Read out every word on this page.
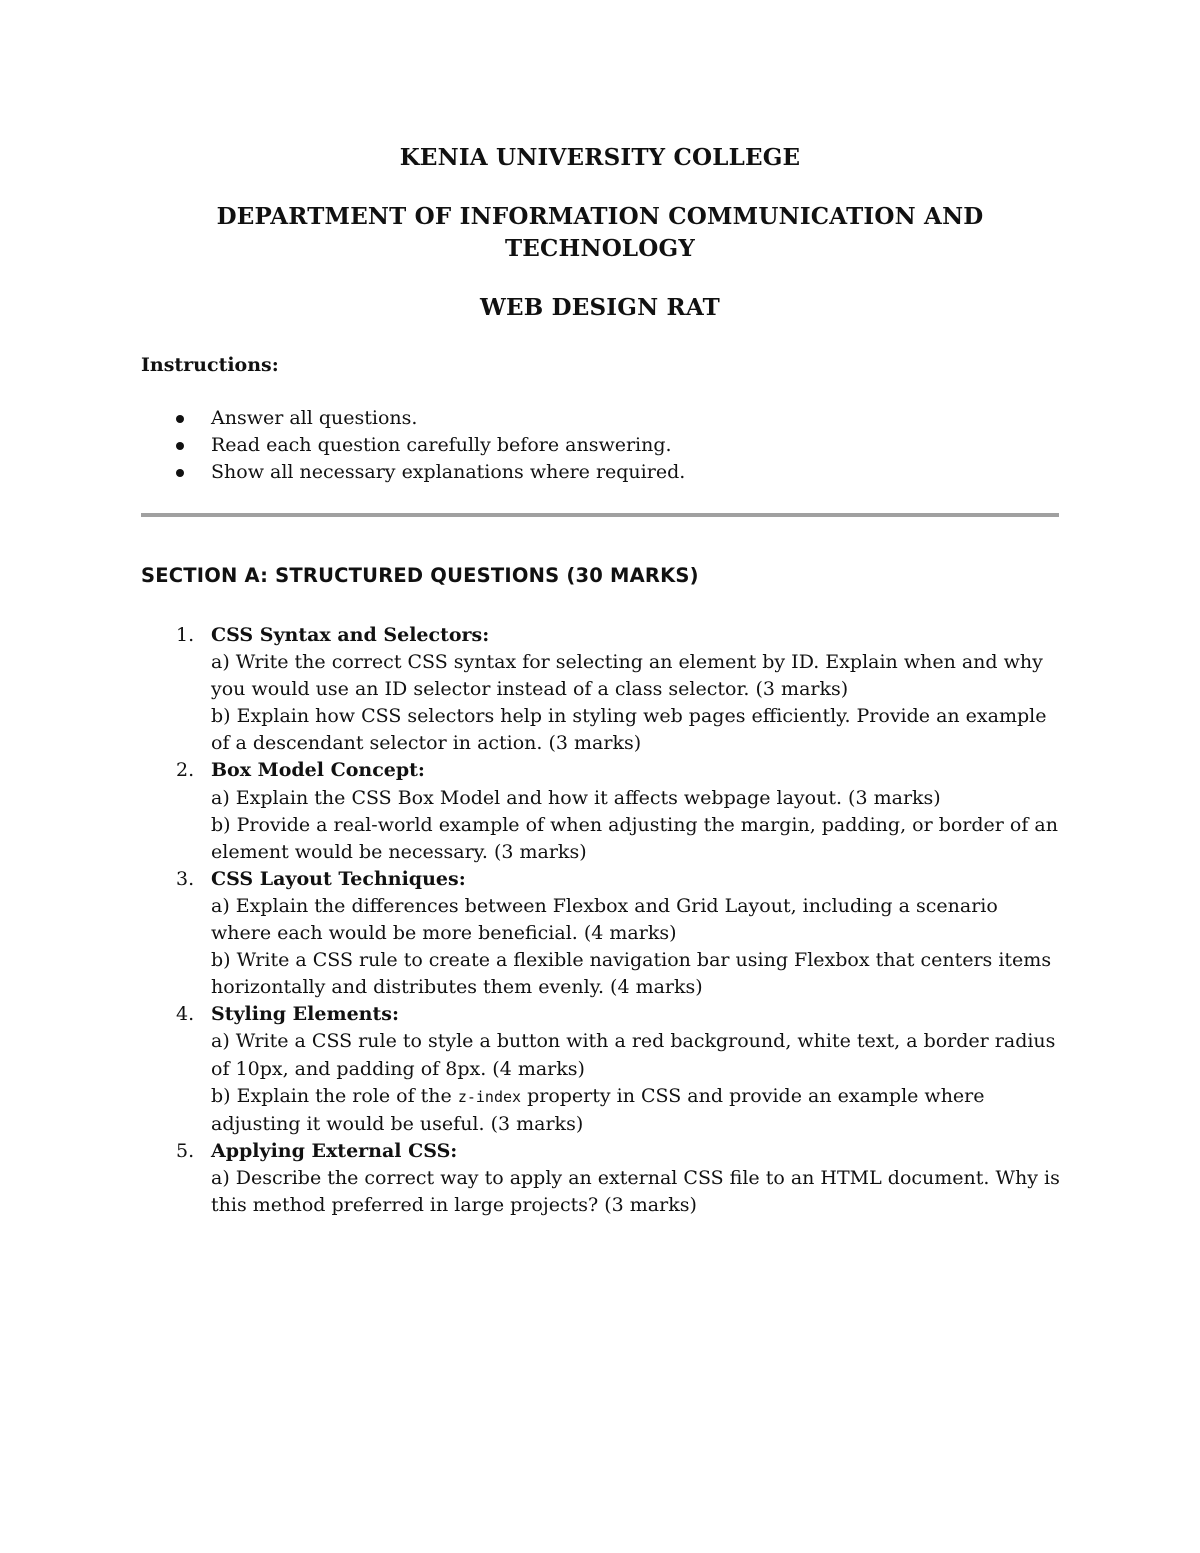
KENIA UNIVERSITY COLLEGE
DEPARTMENT OF INFORMATION COMMUNICATION AND
TECHNOLOGY
WEB DESIGN RAT
Instructions:
Answer all questions.
Read each question carefully before answering.
Show all necessary explanations where required.
SECTION A: STRUCTURED QUESTIONS (30 MARKS)
1. CSS Syntax and Selectors:
a) Write the correct CSS syntax for selecting an element by ID. Explain when and why you would use an ID selector instead of a class selector. (3 marks)
b) Explain how CSS selectors help in styling web pages efficiently. Provide an example of a descendant selector in action. (3 marks)
2. Box Model Concept:
a) Explain the CSS Box Model and how it affects webpage layout. (3 marks)
b) Provide a real-world example of when adjusting the margin, padding, or border of an element would be necessary. (3 marks)
3. CSS Layout Techniques:
a) Explain the differences between Flexbox and Grid Layout, including a scenario where each would be more beneficial. (4 marks)
b) Write a CSS rule to create a flexible navigation bar using Flexbox that centers items horizontally and distributes them evenly. (4 marks)
4. Styling Elements:
a) Write a CSS rule to style a button with a red background, white text, a border radius of 10px, and padding of 8px. (4 marks)
b) Explain the role of the z-index property in CSS and provide an example where adjusting it would be useful. (3 marks)
5. Applying External CSS:
a) Describe the correct way to apply an external CSS file to an HTML document. Why is this method preferred in large projects? (3 marks)
